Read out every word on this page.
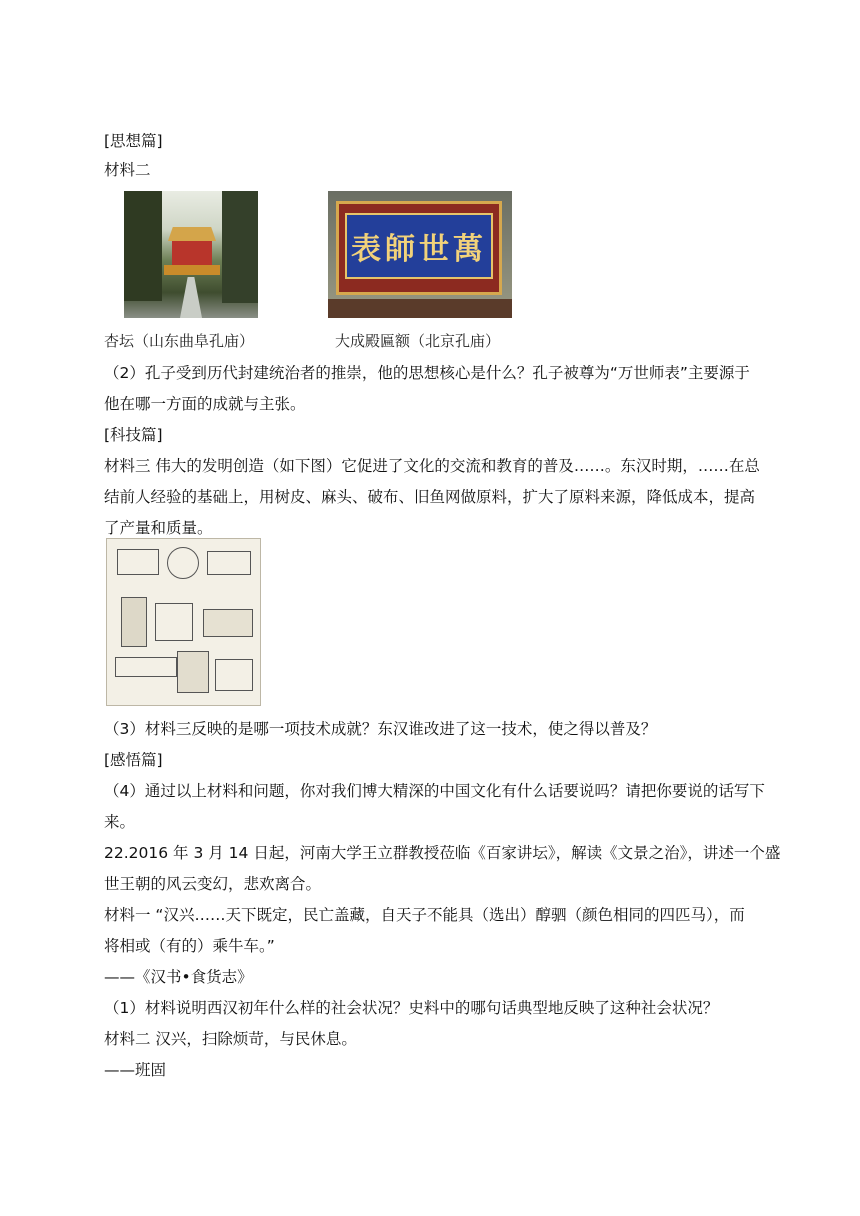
[思想篇]
材料二
杏坛（山东曲阜孔庙）
表師世萬
大成殿匾额（北京孔庙）
（2）孔子受到历代封建统治者的推崇，他的思想核心是什么？孔子被尊为“万世师表”主要源于
他在哪一方面的成就与主张。
[科技篇]
材料三 伟大的发明创造（如下图）它促进了文化的交流和教育的普及……。东汉时期，……在总
结前人经验的基础上，用树皮、麻头、破布、旧鱼网做原料，扩大了原料来源，降低成本，提高
了产量和质量。
（3）材料三反映的是哪一项技术成就？东汉谁改进了这一技术，使之得以普及？
[感悟篇]
（4）通过以上材料和问题，你对我们博大精深的中国文化有什么话要说吗？请把你要说的话写下
来。
22.2016 年 3 月 14 日起，河南大学王立群教授莅临《百家讲坛》，解读《文景之治》，讲述一个盛
世王朝的风云变幻，悲欢离合。
材料一 “汉兴……天下既定，民亡盖藏，自天子不能具（选出）醇驷（颜色相同的四匹马），而
将相或（有的）乘牛车。”
——《汉书•食货志》
（1）材料说明西汉初年什么样的社会状况？史料中的哪句话典型地反映了这种社会状况？
材料二 汉兴，扫除烦苛，与民休息。
——班固
